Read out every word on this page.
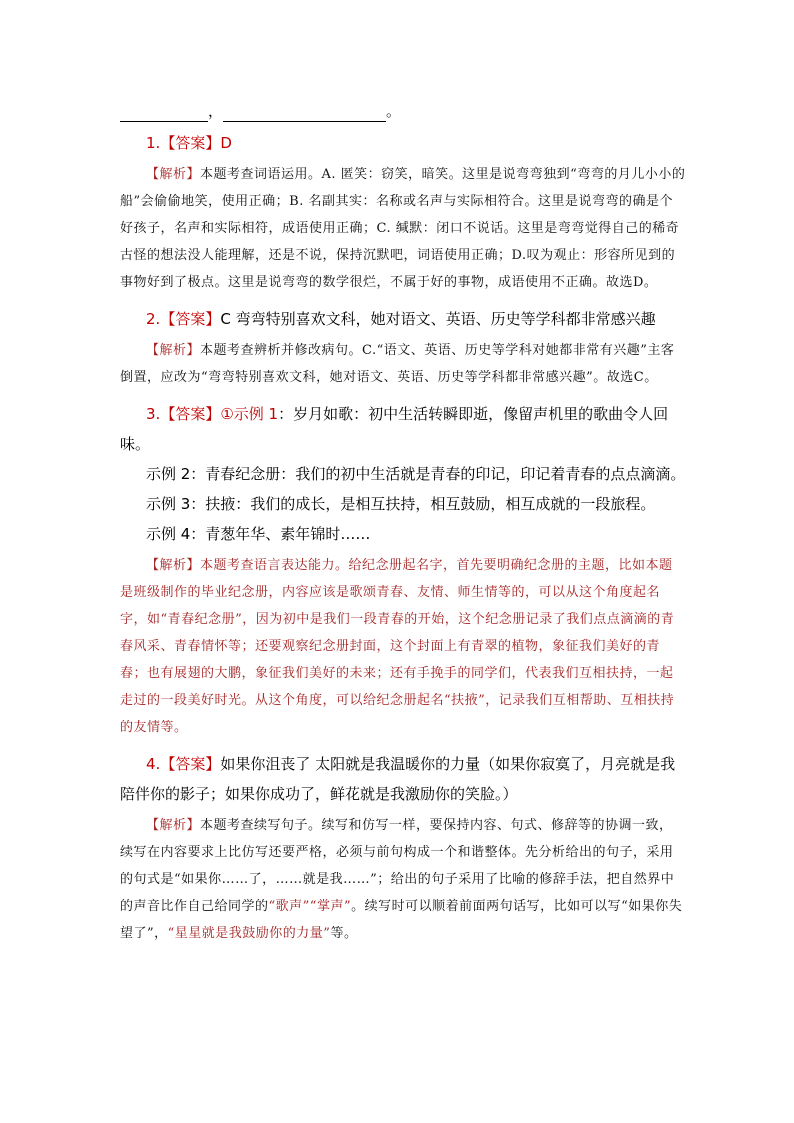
，	。

1.【答案】D

【解析】本题考查词语运用。A. 匿笑：窃笑，暗笑。这里是说弯弯独到“弯弯的月儿小小的船”会偷偷地笑，使用正确；B. 名副其实：名称或名声与实际相符合。这里是说弯弯的确是个好孩子，名声和实际相符，成语使用正确；C. 缄默：闭口不说话。这里是弯弯觉得自己的稀奇古怪的想法没人能理解，还是不说，保持沉默吧，词语使用正确；D.叹为观止：形容所见到的事物好到了极点。这里是说弯弯的数学很烂，不属于好的事物，成语使用不正确。故选D。

2.【答案】C 弯弯特别喜欢文科，她对语文、英语、历史等学科都非常感兴趣

【解析】本题考查辨析并修改病句。C.“语文、英语、历史等学科对她都非常有兴趣”主客倒置，应改为“弯弯特别喜欢文科，她对语文、英语、历史等学科都非常感兴趣”。故选C。

3.【答案】①示例 1：岁月如歌：初中生活转瞬即逝，像留声机里的歌曲令人回味。

示例 2：青春纪念册：我们的初中生活就是青春的印记，印记着青春的点点滴滴。

示例 3：扶掖：我们的成长，是相互扶持，相互鼓励，相互成就的一段旅程。

示例 4：青葱年华、素年锦时……

【解析】本题考查语言表达能力。给纪念册起名字，首先要明确纪念册的主题，比如本题是班级制作的毕业纪念册，内容应该是歌颂青春、友情、师生情等的，可以从这个角度起名字，如“青春纪念册”，因为初中是我们一段青春的开始，这个纪念册记录了我们点点滴滴的青春风采、青春情怀等；还要观察纪念册封面，这个封面上有青翠的植物，象征我们美好的青春；也有展翅的大鹏，象征我们美好的未来；还有手挽手的同学们，代表我们互相扶持，一起走过的一段美好时光。从这个角度，可以给纪念册起名“扶掖”，记录我们互相帮助、互相扶持的友情等。

4.【答案】如果你沮丧了 太阳就是我温暖你的力量（如果你寂寞了，月亮就是我陪伴你的影子；如果你成功了，鲜花就是我激励你的笑脸。）

【解析】本题考查续写句子。续写和仿写一样，要保持内容、句式、修辞等的协调一致，续写在内容要求上比仿写还要严格，必须与前句构成一个和谐整体。先分析给出的句子，采用的句式是“如果你……了，……就是我……”；给出的句子采用了比喻的修辞手法，把自然界中的声音比作自己给同学的“歌声”“掌声”。续写时可以顺着前面两句话写，比如可以写“如果你失望了”，“星星就是我鼓励你的力量”等。
